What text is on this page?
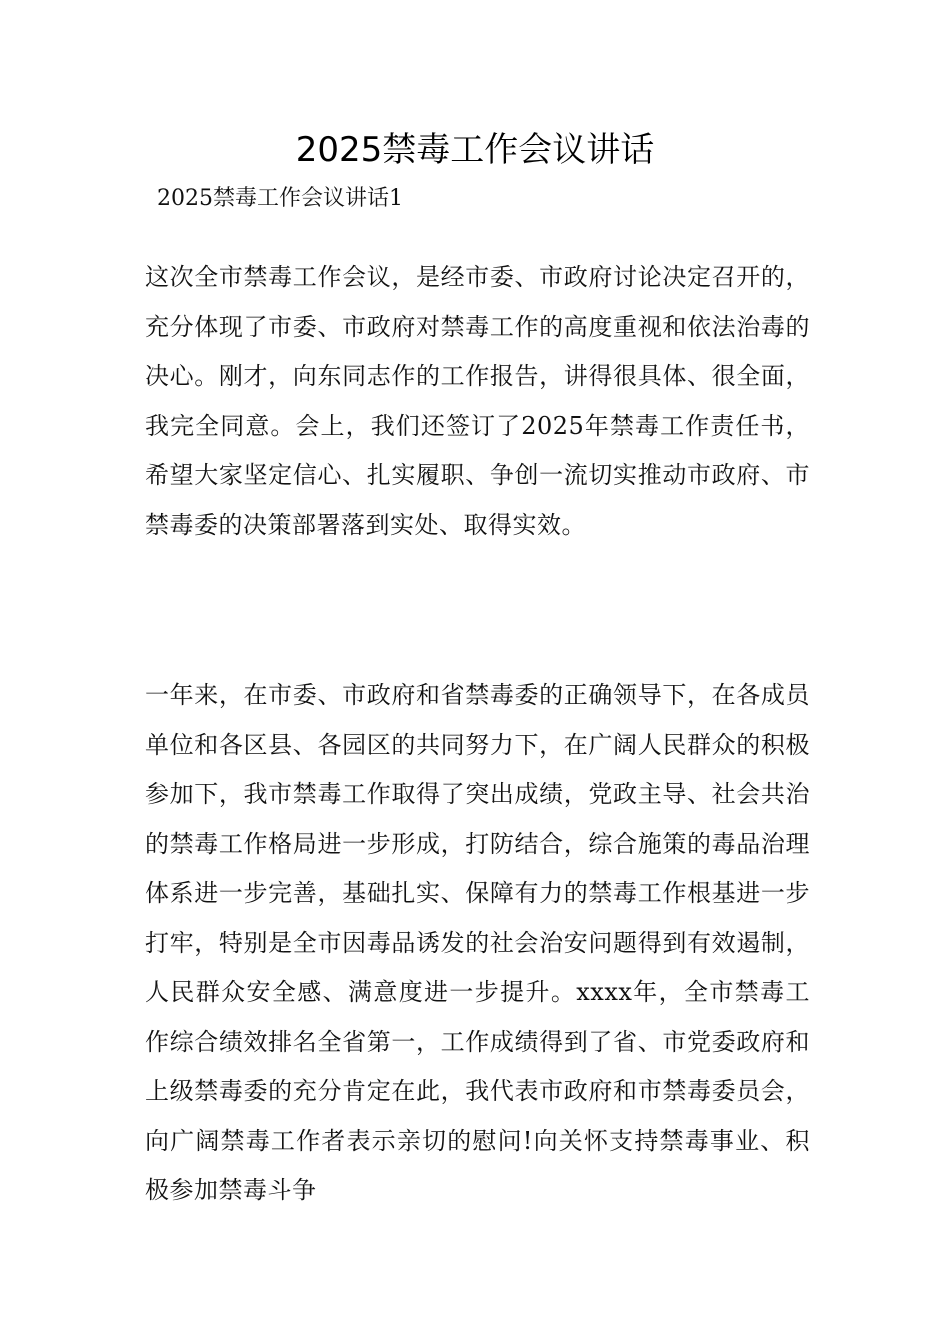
2025禁毒工作会议讲话

2025禁毒工作会议讲话1

这次全市禁毒工作会议，是经市委、市政府讨论决定召开的，充分体现了市委、市政府对禁毒工作的高度重视和依法治毒的决心。刚才，向东同志作的工作报告，讲得很具体、很全面，我完全同意。会上，我们还签订了2025年禁毒工作责任书，希望大家坚定信心、扎实履职、争创一流切实推动市政府、市禁毒委的决策部署落到实处、取得实效。

一年来，在市委、市政府和省禁毒委的正确领导下，在各成员单位和各区县、各园区的共同努力下，在广阔人民群众的积极参加下，我市禁毒工作取得了突出成绩，党政主导、社会共治的禁毒工作格局进一步形成，打防结合，综合施策的毒品治理体系进一步完善，基础扎实、保障有力的禁毒工作根基进一步打牢，特别是全市因毒品诱发的社会治安问题得到有效遏制，人民群众安全感、满意度进一步提升。xxxx年，全市禁毒工作综合绩效排名全省第一，工作成绩得到了省、市党委政府和上级禁毒委的充分肯定在此，我代表市政府和市禁毒委员会，向广阔禁毒工作者表示亲切的慰问!向关怀支持禁毒事业、积极参加禁毒斗争
